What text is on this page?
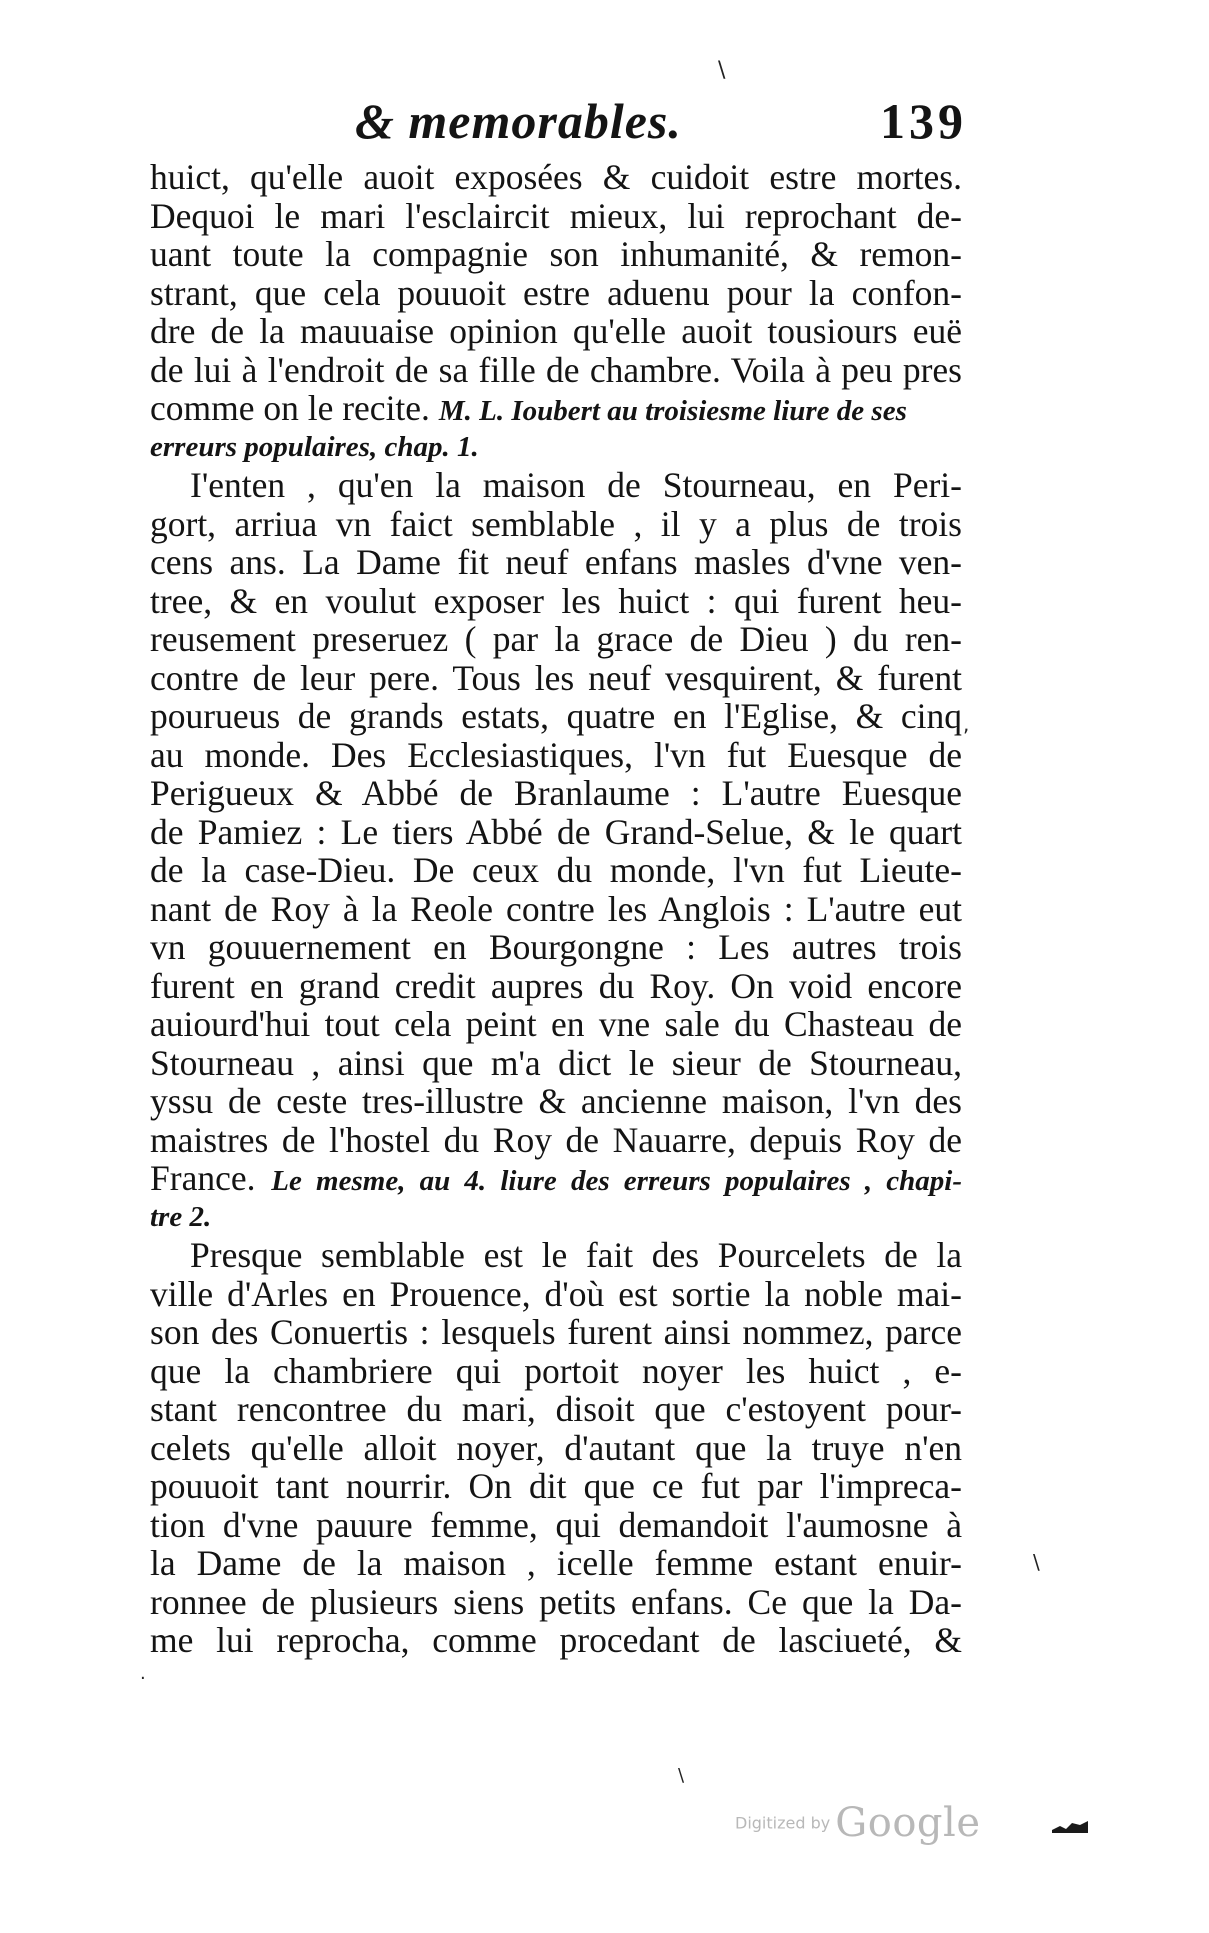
& memorables.	139
huict, qu'elle auoit exposées & cuidoit estre mortes.
Dequoi le mari l'esclaircit mieux, lui reprochant de-
uant toute la compagnie son inhumanité, & remon-
strant, que cela pouuoit estre aduenu pour la confon-
dre de la mauuaise opinion qu'elle auoit tousiours euë
de lui à l'endroit de sa fille de chambre. Voila à peu pres
comme on le recite. M. L. Ioubert au troisiesme liure de ses
erreurs populaires, chap. 1.
I'enten , qu'en la maison de Stourneau, en Peri-
gort, arriua vn faict semblable , il y a plus de trois
cens ans. La Dame fit neuf enfans masles d'vne ven-
tree, & en voulut exposer les huict : qui furent heu-
reusement preseruez ( par la grace de Dieu ) du ren-
contre de leur pere. Tous les neuf vesquirent, & furent
pourueus de grands estats, quatre en l'Eglise, & cinq
au monde. Des Ecclesiastiques, l'vn fut Euesque de
Perigueux & Abbé de Branlaume : L'autre Euesque
de Pamiez : Le tiers Abbé de Grand-Selue, & le quart
de la case-Dieu. De ceux du monde, l'vn fut Lieute-
nant de Roy à la Reole contre les Anglois : L'autre eut
vn gouuernement en Bourgongne : Les autres trois
furent en grand credit aupres du Roy. On void encore
auiourd'hui tout cela peint en vne sale du Chasteau de
Stourneau , ainsi que m'a dict le sieur de Stourneau,
yssu de ceste tres-illustre & ancienne maison, l'vn des
maistres de l'hostel du Roy de Nauarre, depuis Roy de
France. Le mesme, au 4. liure des erreurs populaires , chapi-
tre 2.
Presque semblable est le fait des Pourcelets de la
ville d'Arles en Prouence, d'où est sortie la noble mai-
son des Conuertis : lesquels furent ainsi nommez, parce
que la chambriere qui portoit noyer les huict , e-
stant rencontree du mari, disoit que c'estoyent pour-
celets qu'elle alloit noyer, d'autant que la truye n'en
pouuoit tant nourrir. On dit que ce fut par l'impreca-
tion d'vne pauure femme, qui demandoit l'aumosne à
la Dame de la maison , icelle femme estant enuir-
ronnee de plusieurs siens petits enfans. Ce que la Da-
me lui reprocha, comme procedant de lasciueté, &
\
,
\
·
\
Digitized by Google
